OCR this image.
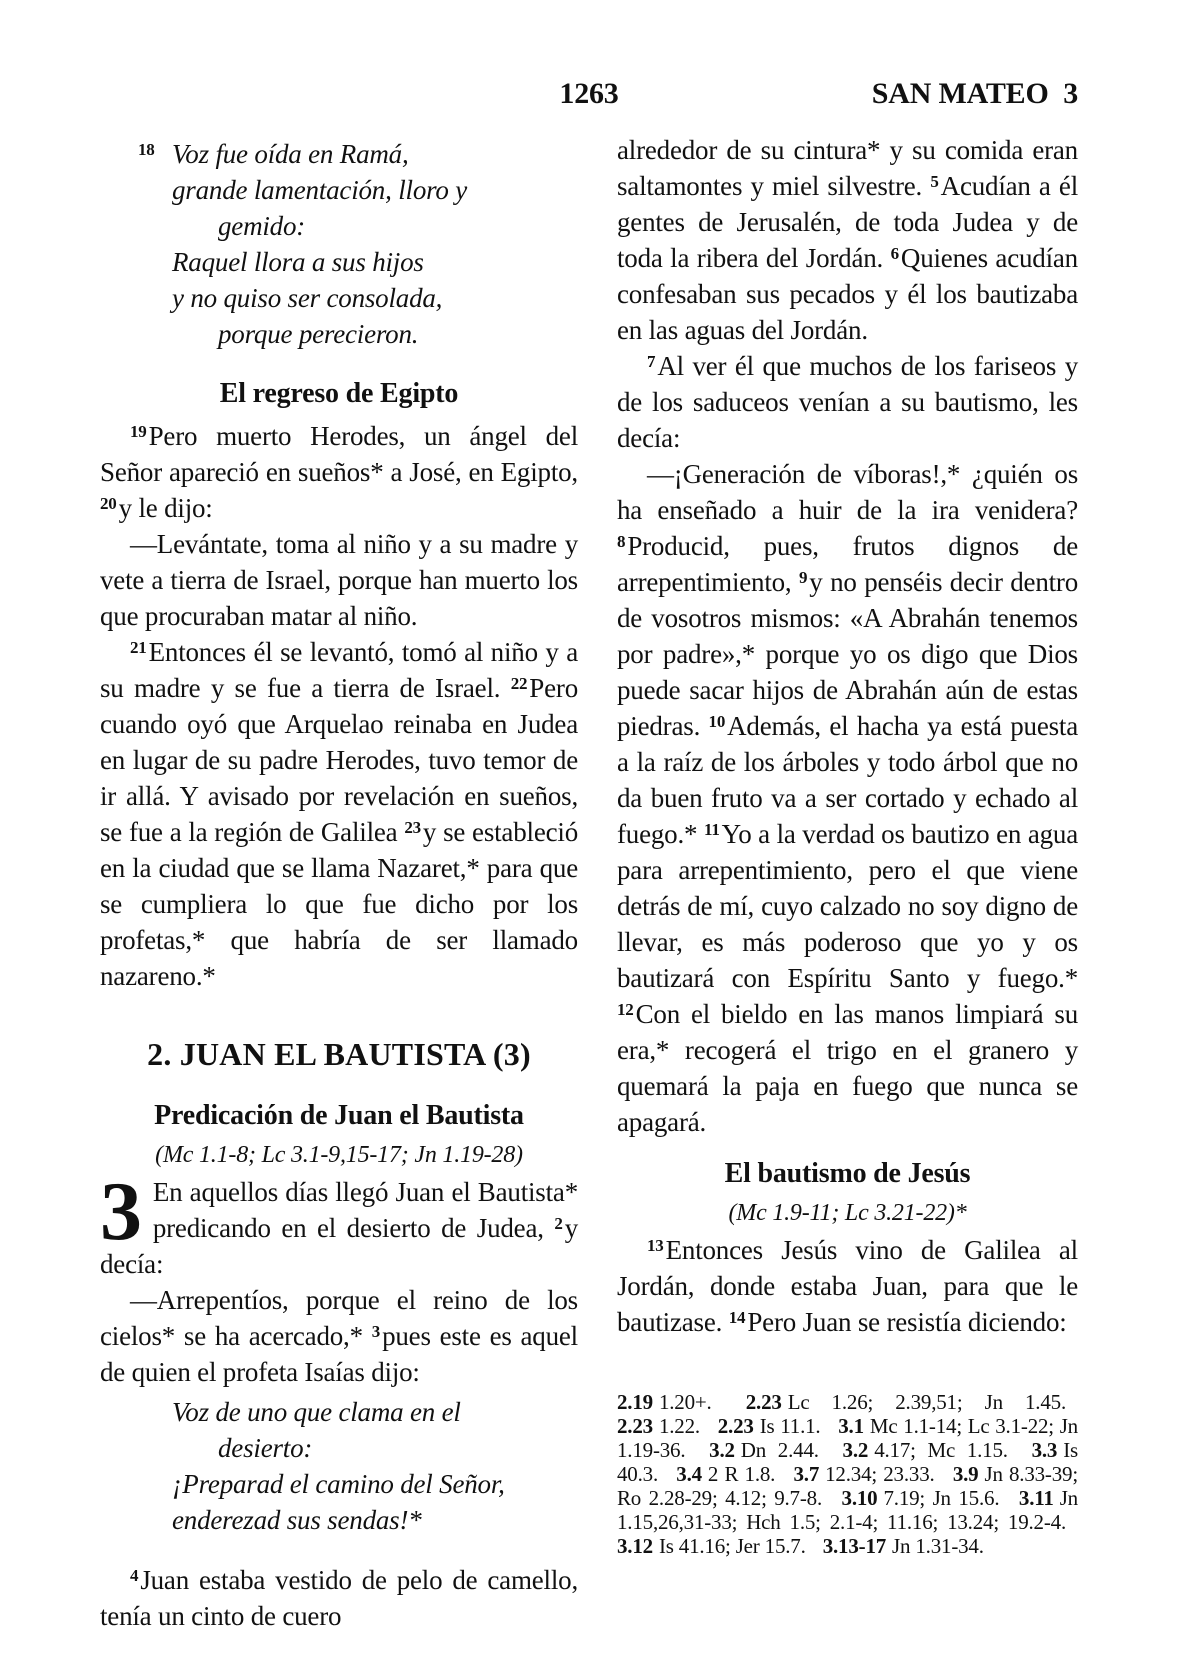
1263	SAN MATEO  3
$^{18}$ Voz fue oída en Ramá,
grande lamentación, lloro y
gemido:
Raquel llora a sus hijos
y no quiso ser consolada,
porque perecieron.
El regreso de Egipto

$^{19}$Pero muerto Herodes, un ángel del Señor apareció en sueños* a José, en Egipto, $^{20}$y le dijo:

—Levántate, toma al niño y a su madre y vete a tierra de Israel, porque han muerto los que procuraban matar al niño.

$^{21}$Entonces él se levantó, tomó al niño y a su madre y se fue a tierra de Israel. $^{22}$Pero cuando oyó que Arquelao reinaba en Judea en lugar de su padre Herodes, tuvo temor de ir allá. Y avisado por revelación en sueños, se fue a la región de Galilea $^{23}$y se estableció en la ciudad que se llama Nazaret,* para que se cumpliera lo que fue dicho por los profetas,* que habría de ser llamado nazareno.*

2. JUAN EL BAUTISTA (3)
Predicación de Juan el Bautista
(Mc 1.1-8; Lc 3.1-9,15-17; Jn 1.19-28)

3 En aquellos días llegó Juan el Bautista* predicando en el desierto de Judea, $^2$y decía:

—Arrepentíos, porque el reino de los cielos* se ha acercado,* $^3$pues este es aquel de quien el profeta Isaías dijo:

Voz de uno que clama en el
desierto:
¡Preparad el camino del Señor,
enderezad sus sendas!*

$^4$Juan estaba vestido de pelo de camello, tenía un cinto de cuero

alrededor de su cintura* y su comida eran saltamontes y miel silvestre. $^5$Acudían a él gentes de Jerusalén, de toda Judea y de toda la ribera del Jordán. $^6$Quienes acudían confesaban sus pecados y él los bautizaba en las aguas del Jordán.

$^7$Al ver él que muchos de los fariseos y de los saduceos venían a su bautismo, les decía:

—¡Generación de víboras!,* ¿quién os ha enseñado a huir de la ira venidera? $^8$Producid, pues, frutos dignos de arrepentimiento, $^9$y no penséis decir dentro de vosotros mismos: «A Abrahán tenemos por padre»,* porque yo os digo que Dios puede sacar hijos de Abrahán aún de estas piedras. $^{10}$Además, el hacha ya está puesta a la raíz de los árboles y todo árbol que no da buen fruto va a ser cortado y echado al fuego.* $^{11}$Yo a la verdad os bautizo en agua para arrepentimiento, pero el que viene detrás de mí, cuyo calzado no soy digno de llevar, es más poderoso que yo y os bautizará con Espíritu Santo y fuego.* $^{12}$Con el bieldo en las manos limpiará su era,* recogerá el trigo en el granero y quemará la paja en fuego que nunca se apagará.

El bautismo de Jesús
(Mc 1.9-11; Lc 3.21-22)*

$^{13}$Entonces Jesús vino de Galilea al Jordán, donde estaba Juan, para que le bautizase. $^{14}$Pero Juan se resistía diciendo:

2.19 1.20+. 2.23 Lc 1.26; 2.39,51; Jn 1.45. 2.23 1.22. 2.23 Is 11.1. 3.1 Mc 1.1-14; Lc 3.1-22; Jn 1.19-36. 3.2 Dn 2.44. 3.2 4.17; Mc 1.15. 3.3 Is 40.3. 3.4 2 R 1.8. 3.7 12.34; 23.33. 3.9 Jn 8.33-39; Ro 2.28-29; 4.12; 9.7-8. 3.10 7.19; Jn 15.6. 3.11 Jn 1.15,26,31-33; Hch 1.5; 2.1-4; 11.16; 13.24; 19.2-4. 3.12 Is 41.16; Jer 15.7. 3.13-17 Jn 1.31-34.
